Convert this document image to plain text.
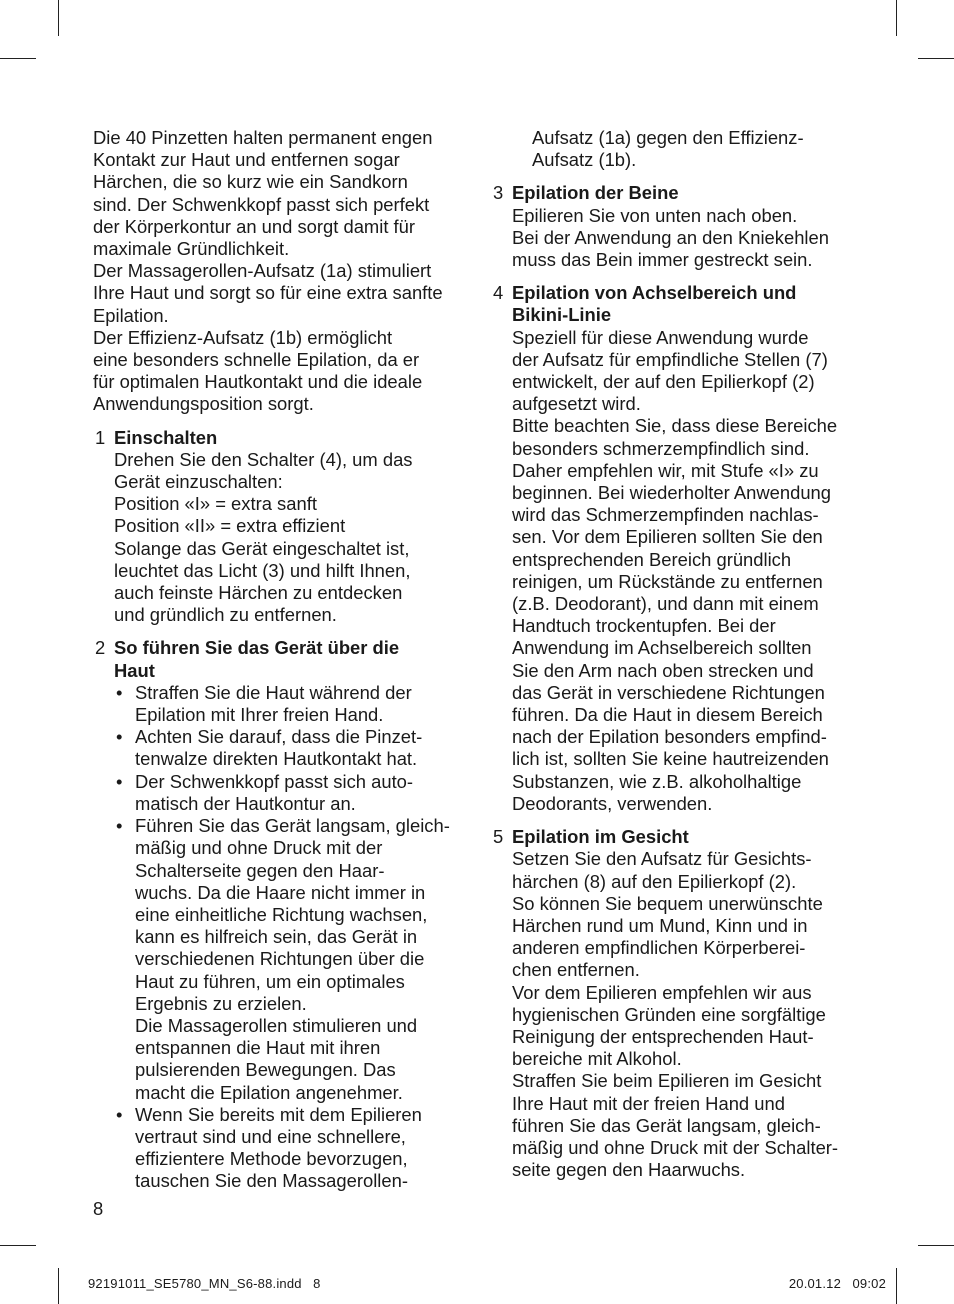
Die 40 Pinzetten halten permanent engen
Kontakt zur Haut und entfernen sogar
Härchen, die so kurz wie ein Sandkorn
sind. Der Schwenkkopf passt sich perfekt
der Körperkontur an und sorgt damit für
maximale Gründlichkeit.
Der Massagerollen-Aufsatz (1a) stimuliert
Ihre Haut und sorgt so für eine extra sanfte
Epilation.
Der Effizienz-Aufsatz (1b) ermöglicht
eine besonders schnelle Epilation, da er
für optimalen Hautkontakt und die ideale
Anwendungsposition sorgt.
1 Einschalten
Drehen Sie den Schalter (4), um das
Gerät einzuschalten:
Position «I» = extra sanft
Position «II» = extra effizient
Solange das Gerät eingeschaltet ist,
leuchtet das Licht (3) und hilft Ihnen,
auch feinste Härchen zu entdecken
und gründlich zu entfernen.
2 So führen Sie das Gerät über die
Haut
• Straffen Sie die Haut während der
Epilation mit Ihrer freien Hand.
• Achten Sie darauf, dass die Pinzet-
tenwalze direkten Hautkontakt hat.
• Der Schwenkkopf passt sich auto-
matisch der Hautkontur an.
• Führen Sie das Gerät langsam, gleich-
mäßig und ohne Druck mit der
Schalterseite gegen den Haar-
wuchs. Da die Haare nicht immer in
eine einheitliche Richtung wachsen,
kann es hilfreich sein, das Gerät in
verschiedenen Richtungen über die
Haut zu führen, um ein optimales
Ergebnis zu erzielen.
Die Massagerollen stimulieren und
entspannen die Haut mit ihren
pulsierenden Bewegungen. Das
macht die Epilation angenehmer.
• Wenn Sie bereits mit dem Epilieren
vertraut sind und eine schnellere,
effizientere Methode bevorzugen,
tauschen Sie den Massagerollen-
Aufsatz (1a) gegen den Effizienz-
Aufsatz (1b).
3 Epilation der Beine
Epilieren Sie von unten nach oben.
Bei der Anwendung an den Kniekehlen
muss das Bein immer gestreckt sein.
4 Epilation von Achselbereich und
Bikini-Linie
Speziell für diese Anwendung wurde
der Aufsatz für empfindliche Stellen (7)
entwickelt, der auf den Epilierkopf (2)
aufgesetzt wird.
Bitte beachten Sie, dass diese Bereiche
besonders schmerzempfindlich sind.
Daher empfehlen wir, mit Stufe «I» zu
beginnen. Bei wiederholter Anwendung
wird das Schmerzempfinden nachlas-
sen. Vor dem Epilieren sollten Sie den
entsprechenden Bereich gründlich
reinigen, um Rückstände zu entfernen
(z.B. Deodorant), und dann mit einem
Handtuch trockentupfen. Bei der
Anwendung im Achselbereich sollten
Sie den Arm nach oben strecken und
das Gerät in verschiedene Richtungen
führen. Da die Haut in diesem Bereich
nach der Epilation besonders empfind-
lich ist, sollten Sie keine hautreizenden
Substanzen, wie z.B. alkoholhaltige
Deodorants, verwenden.
5 Epilation im Gesicht
Setzen Sie den Aufsatz für Gesichts-
härchen (8) auf den Epilierkopf (2).
So können Sie bequem unerwünschte
Härchen rund um Mund, Kinn und in
anderen empfindlichen Körperberei-
chen entfernen.
Vor dem Epilieren empfehlen wir aus
hygienischen Gründen eine sorgfältige
Reinigung der entsprechenden Haut-
bereiche mit Alkohol.
Straffen Sie beim Epilieren im Gesicht
Ihre Haut mit der freien Hand und
führen Sie das Gerät langsam, gleich-
mäßig und ohne Druck mit der Schalter-
seite gegen den Haarwuchs.
8
92191011_SE5780_MN_S6-88.indd   8	20.01.12   09:02
